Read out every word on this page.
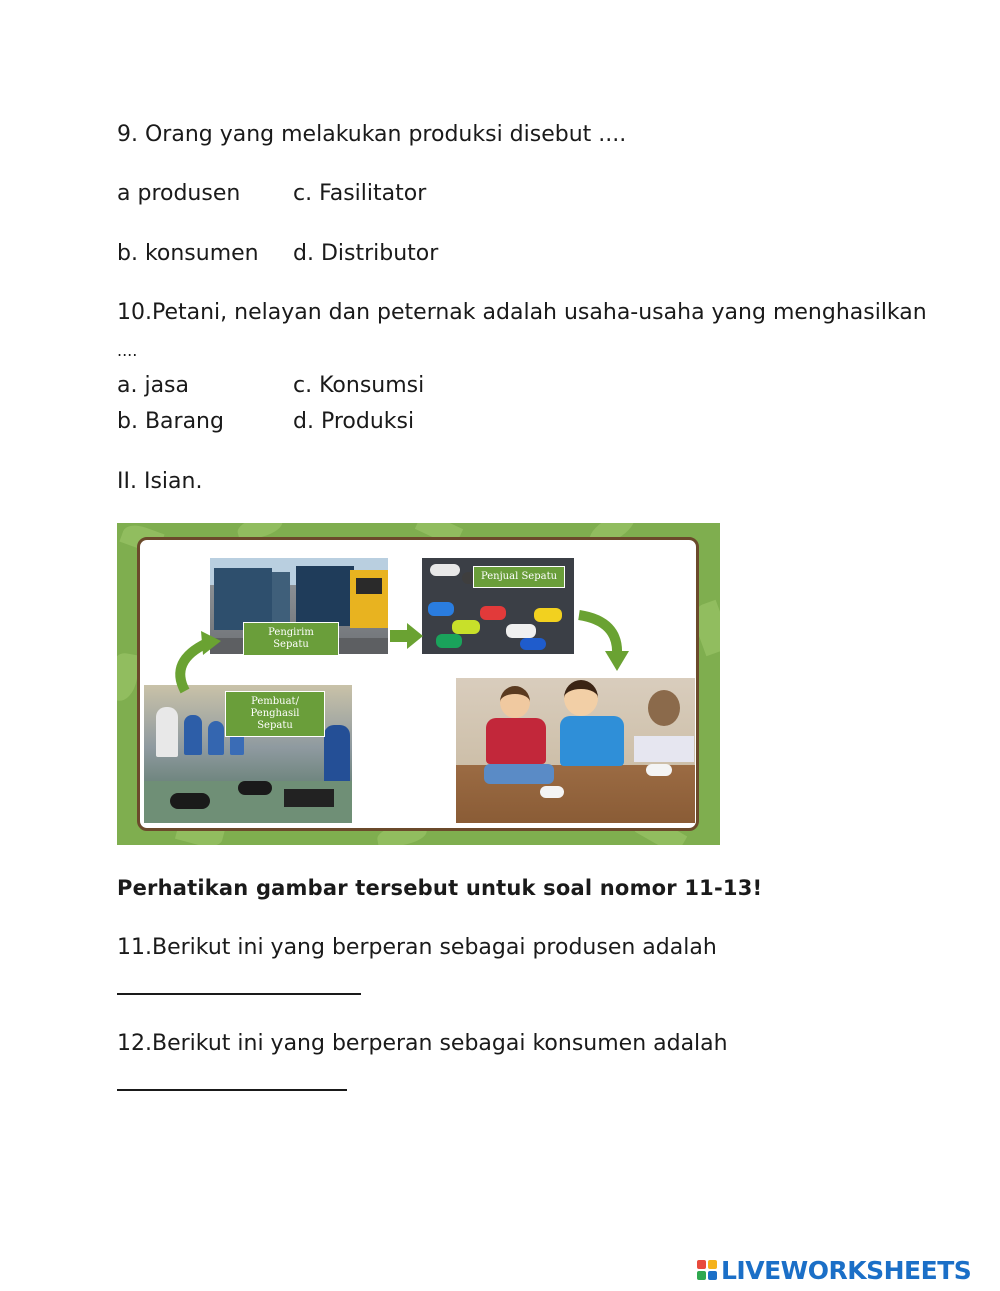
9. Orang yang melakukan produksi disebut ....
a produsen c. Fasilitator
b. konsumen d. Distributor
10.Petani, nelayan dan peternak adalah usaha-usaha yang menghasilkan
....
a. jasa	c. Konsumsi
b. Barang	d. Produksi
II. Isian.
Pengirim Sepatu
Penjual Sepatu
Pembuat/ Penghasil Sepatu
Perhatikan gambar tersebut untuk soal nomor 11-13!
11.Berikut ini yang berperan sebagai produsen adalah
12.Berikut ini yang berperan sebagai konsumen adalah
LIVEWORKSHEETS
